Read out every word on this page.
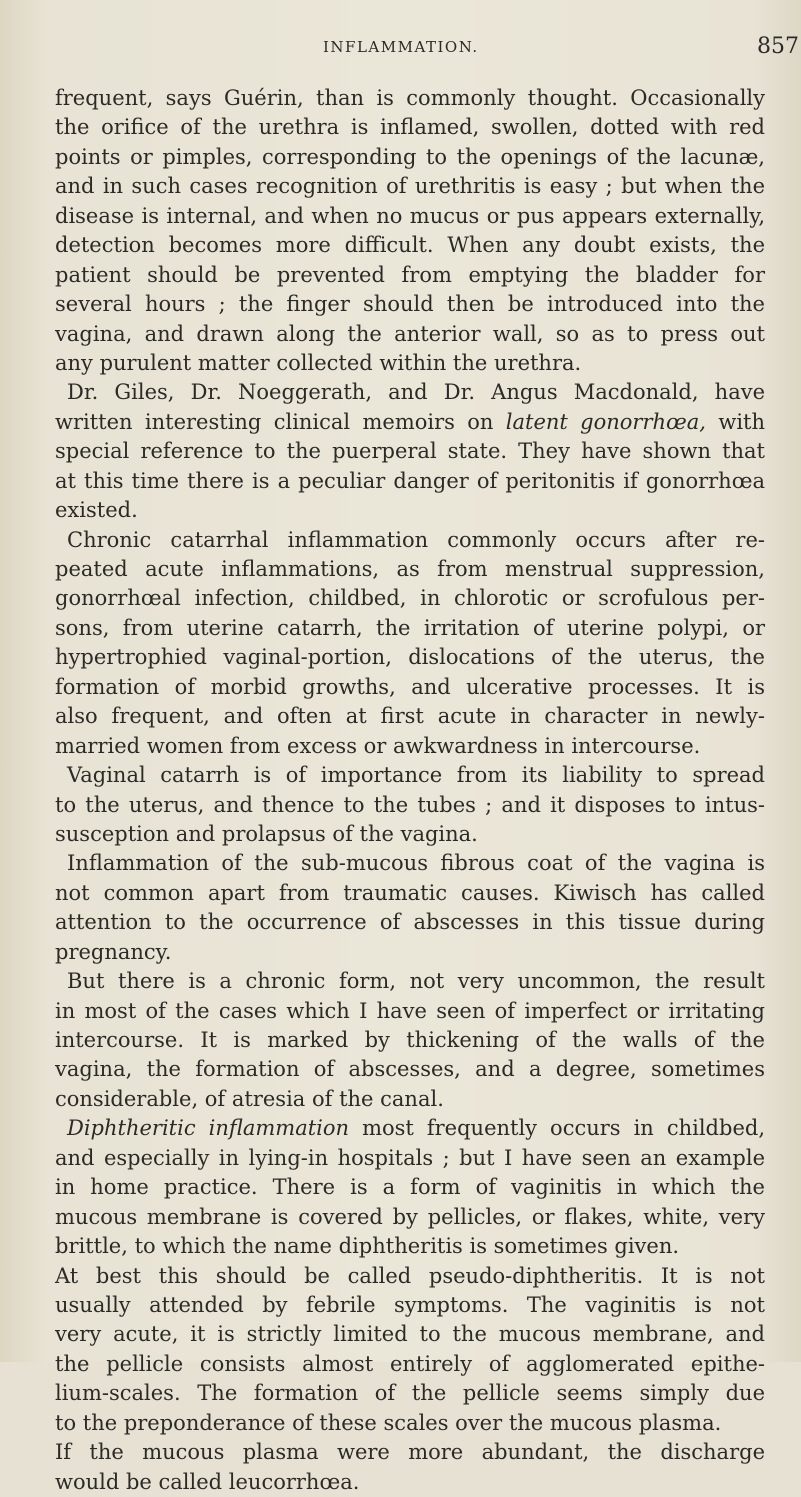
INFLAMMATION.	857
frequent, says Guérin, than is commonly thought. Occasionally
the orifice of the urethra is inflamed, swollen, dotted with red
points or pimples, corresponding to the openings of the lacunæ,
and in such cases recognition of urethritis is easy ; but when the
disease is internal, and when no mucus or pus appears externally,
detection becomes more difficult. When any doubt exists, the
patient should be prevented from emptying the bladder for
several hours ; the finger should then be introduced into the
vagina, and drawn along the anterior wall, so as to press out
any purulent matter collected within the urethra.
Dr. Giles, Dr. Noeggerath, and Dr. Angus Macdonald, have
written interesting clinical memoirs on latent gonorrhœa, with
special reference to the puerperal state. They have shown that
at this time there is a peculiar danger of peritonitis if gonorrhœa
existed.
Chronic catarrhal inflammation commonly occurs after re-
peated acute inflammations, as from menstrual suppression,
gonorrhœal infection, childbed, in chlorotic or scrofulous per-
sons, from uterine catarrh, the irritation of uterine polypi, or
hypertrophied vaginal-portion, dislocations of the uterus, the
formation of morbid growths, and ulcerative processes. It is
also frequent, and often at first acute in character in newly-
married women from excess or awkwardness in intercourse.
Vaginal catarrh is of importance from its liability to spread
to the uterus, and thence to the tubes ; and it disposes to intus-
susception and prolapsus of the vagina.
Inflammation of the sub-mucous fibrous coat of the vagina is
not common apart from traumatic causes. Kiwisch has called
attention to the occurrence of abscesses in this tissue during
pregnancy.
But there is a chronic form, not very uncommon, the result
in most of the cases which I have seen of imperfect or irritating
intercourse. It is marked by thickening of the walls of the
vagina, the formation of abscesses, and a degree, sometimes
considerable, of atresia of the canal.
Diphtheritic inflammation most frequently occurs in childbed,
and especially in lying-in hospitals ; but I have seen an example
in home practice. There is a form of vaginitis in which the
mucous membrane is covered by pellicles, or flakes, white, very
brittle, to which the name diphtheritis is sometimes given.
At best this should be called pseudo-diphtheritis. It is not
usually attended by febrile symptoms. The vaginitis is not
very acute, it is strictly limited to the mucous membrane, and
the pellicle consists almost entirely of agglomerated epithe-
lium-scales. The formation of the pellicle seems simply due
to the preponderance of these scales over the mucous plasma.
If the mucous plasma were more abundant, the discharge
would be called leucorrhœa.
